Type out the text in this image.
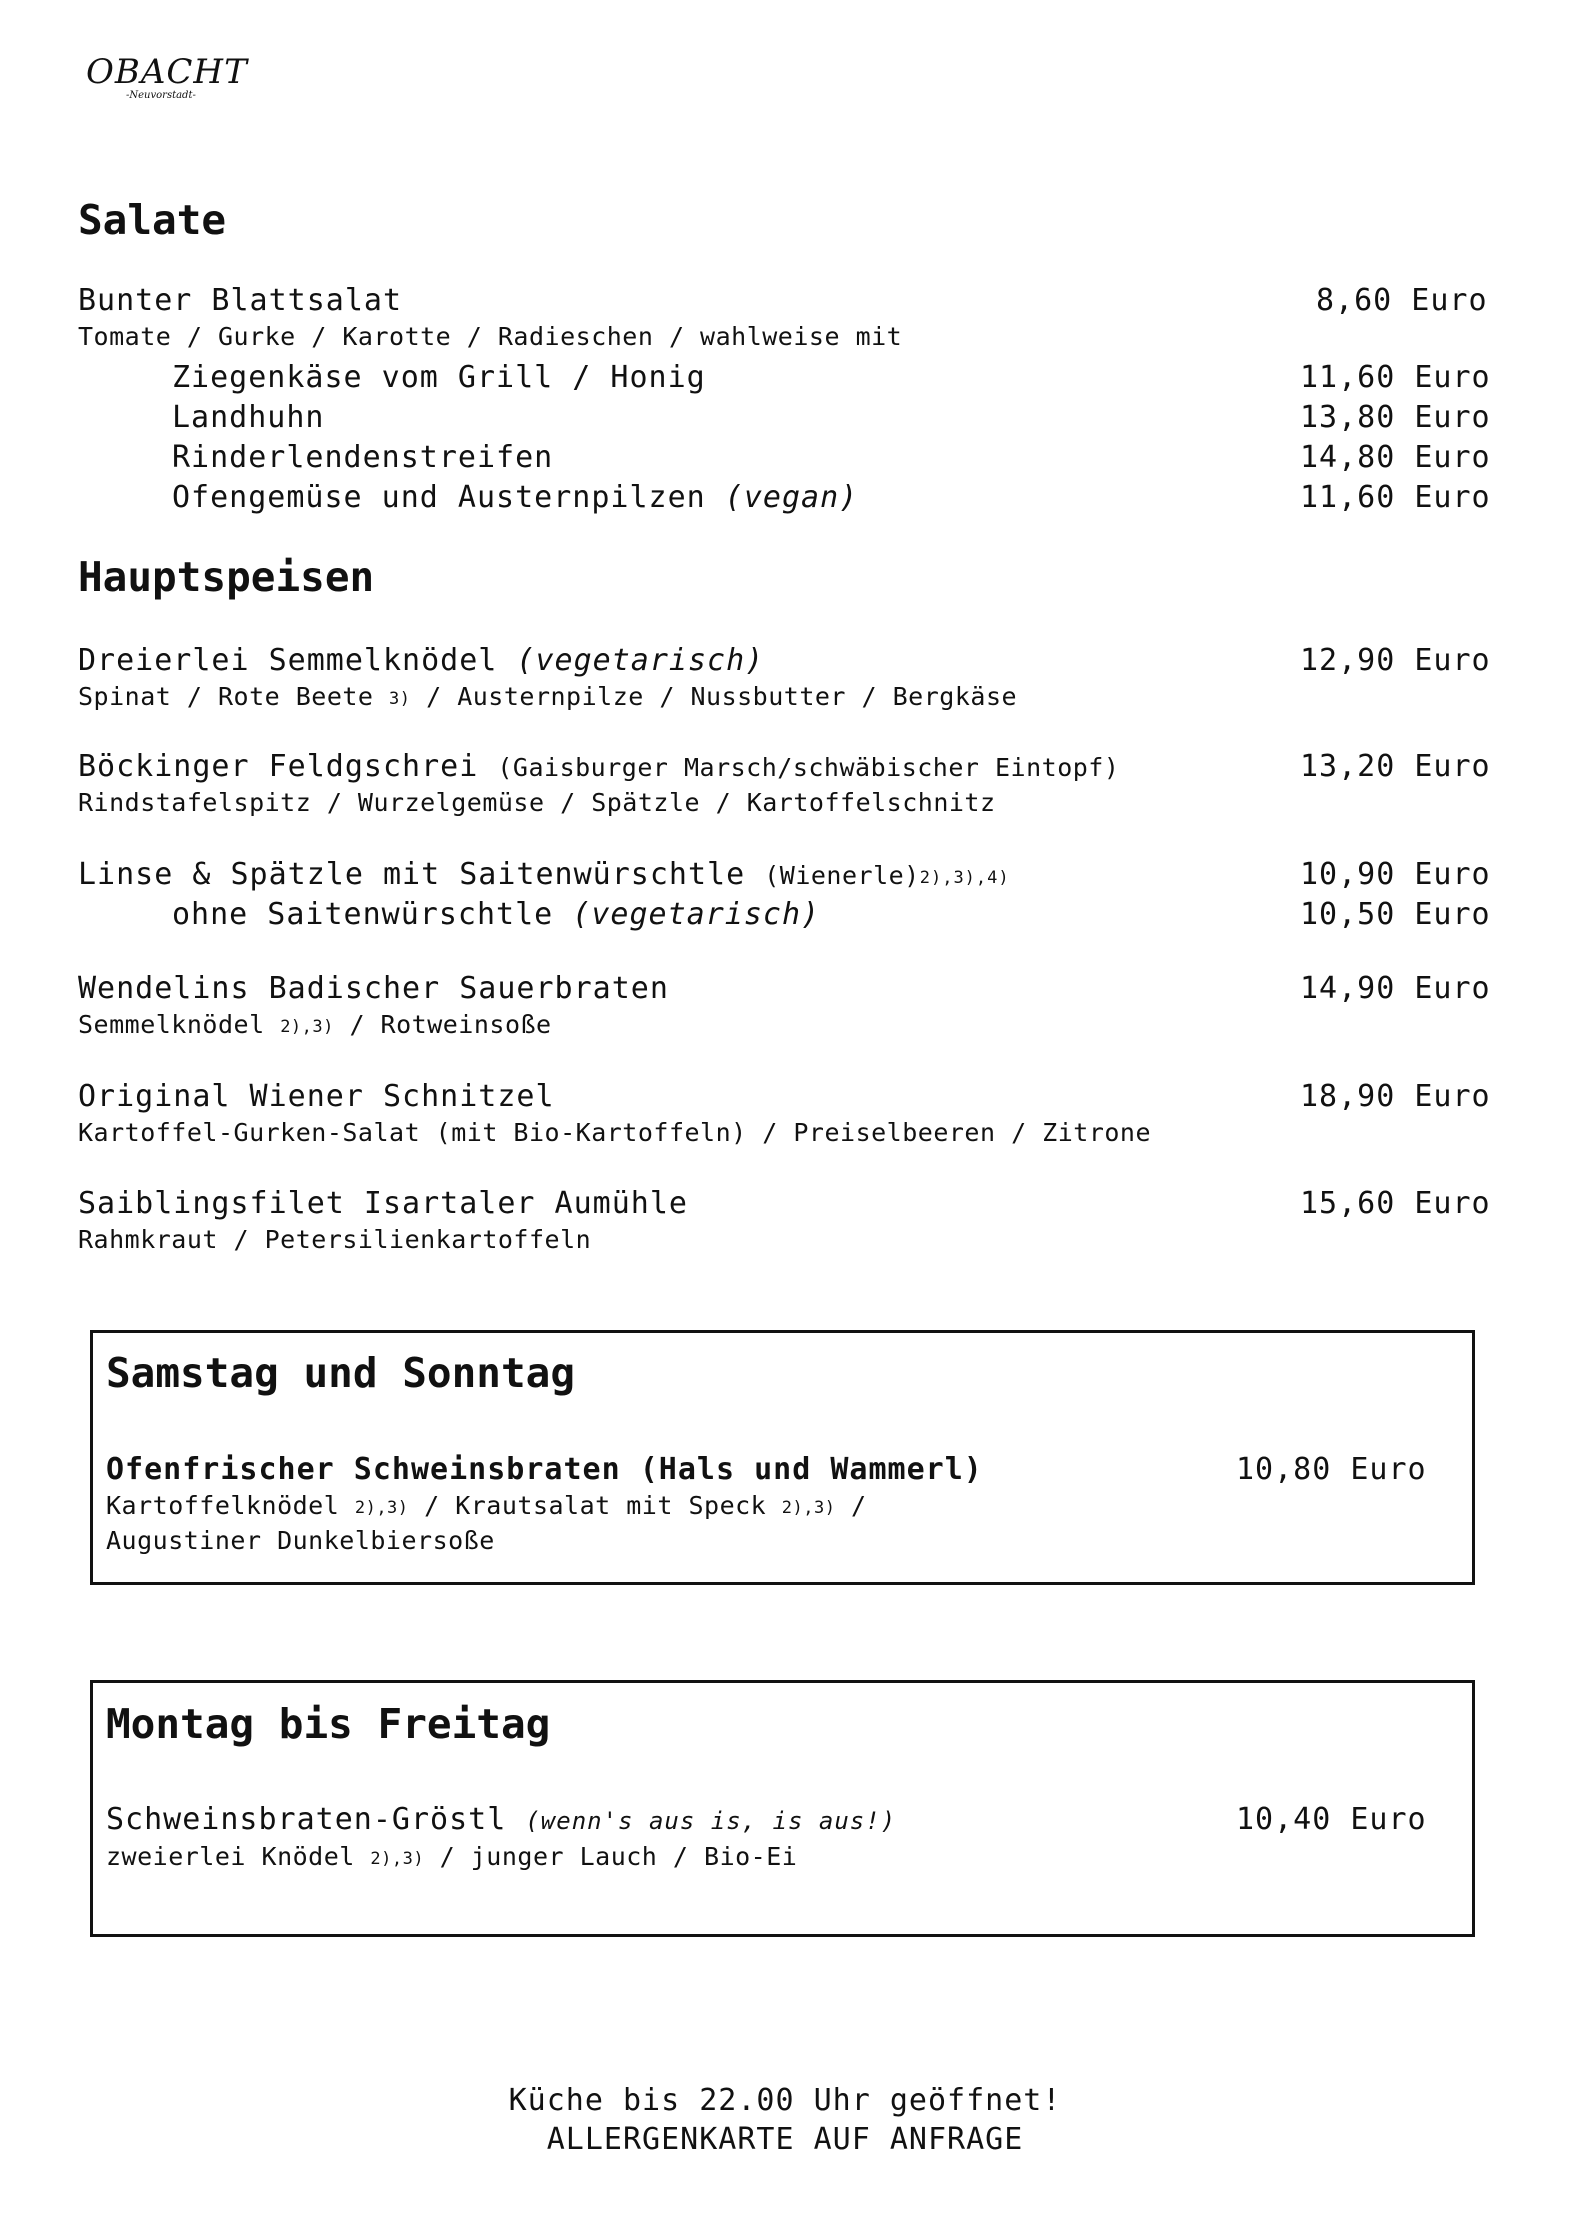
OBACHT
-Neuvorstadt-
Salate
Bunter Blattsalat	8,60 Euro
Tomate / Gurke / Karotte / Radieschen / wahlweise mit
Ziegenkäse vom Grill / Honig	11,60 Euro
Landhuhn	13,80 Euro
Rinderlendenstreifen	14,80 Euro
Ofengemüse und Austernpilzen (vegan)	11,60 Euro
Hauptspeisen
Dreierlei Semmelknödel (vegetarisch)	12,90 Euro
Spinat / Rote Beete 3) / Austernpilze / Nussbutter / Bergkäse
Böckinger Feldgschrei (Gaisburger Marsch/schwäbischer Eintopf)	13,20 Euro
Rindstafelspitz / Wurzelgemüse / Spätzle / Kartoffelschnitz
Linse & Spätzle mit Saitenwürschtle (Wienerle)2),3),4)	10,90 Euro
ohne Saitenwürschtle (vegetarisch)	10,50 Euro
Wendelins Badischer Sauerbraten	14,90 Euro
Semmelknödel 2),3) / Rotweinsoße
Original Wiener Schnitzel	18,90 Euro
Kartoffel-Gurken-Salat (mit Bio-Kartoffeln) / Preiselbeeren / Zitrone
Saiblingsfilet Isartaler Aumühle	15,60 Euro
Rahmkraut / Petersilienkartoffeln
Samstag und Sonntag
Ofenfrischer Schweinsbraten (Hals und Wammerl)	10,80 Euro
Kartoffelknödel 2),3) / Krautsalat mit Speck 2),3) /
Augustiner Dunkelbiersoße
Montag bis Freitag
Schweinsbraten-Gröstl (wenn's aus is, is aus!)	10,40 Euro
zweierlei Knödel 2),3) / junger Lauch / Bio-Ei
Küche bis 22.00 Uhr geöffnet!
ALLERGENKARTE AUF ANFRAGE
